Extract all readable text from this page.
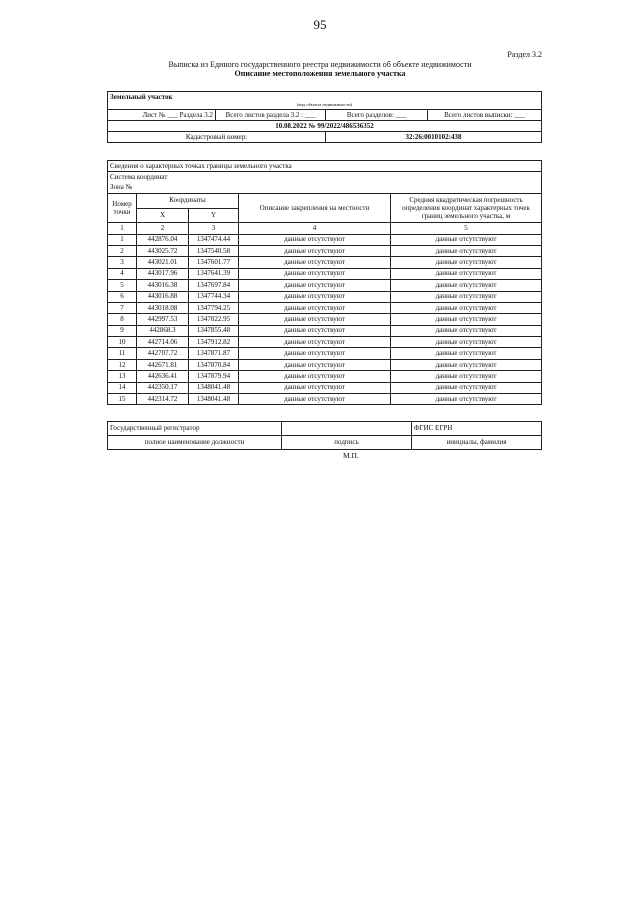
95
Раздел 3.2
Выписка из Единого государственного реестра недвижимости об объекте недвижимости
Описание местоположения земельного участка
Земельный участок			
(вид объекта недвижимости)			
Лист № ___ Раздела 3.2	Всего листов раздела 3.2 : ___	Всего разделов: ___	Всего листов выписки: ___
10.08.2022 № 99/2022/486536352			
Кадастровый номер:		32:26:0010102:438	
Сведения о характерных точках границы земельного участка				
Система координат				
Зона №				
Номер точки	Координаты		Описание закрепления на местности	Средняя квадратическая погрешность определения координат характерных точек границ земельного участка, м
	X	Y		
1	2	3	4	5
1	442876.04	1347474.44	данные отсутствуют	данные отсутствуют
2	443025.72	1347540.58	данные отсутствуют	данные отсутствуют
3	443021.01	1347601.77	данные отсутствуют	данные отсутствуют
4	443017.96	1347641.39	данные отсутствуют	данные отсутствуют
5	443016.38	1347697.84	данные отсутствуют	данные отсутствуют
6	443016.88	1347744.34	данные отсутствуют	данные отсутствуют
7	443018.08	1347794.25	данные отсутствуют	данные отсутствуют
8	442997.53	1347822.95	данные отсутствуют	данные отсутствуют
9	442868.3	1347855.48	данные отсутствуют	данные отсутствуют
10	442714.06	1347912.82	данные отсутствуют	данные отсутствуют
11	442707.72	1347871.87	данные отсутствуют	данные отсутствуют
12	442671.81	1347870.84	данные отсутствуют	данные отсутствуют
13	442636.41	1347879.94	данные отсутствуют	данные отсутствуют
14	442350.17	1348041.48	данные отсутствуют	данные отсутствуют
15	442314.72	1348041.48	данные отсутствуют	данные отсутствуют
Государственный регистратор		ФГИС ЕГРН
полное наименование должности	подпись	инициалы, фамилия
М.П.
